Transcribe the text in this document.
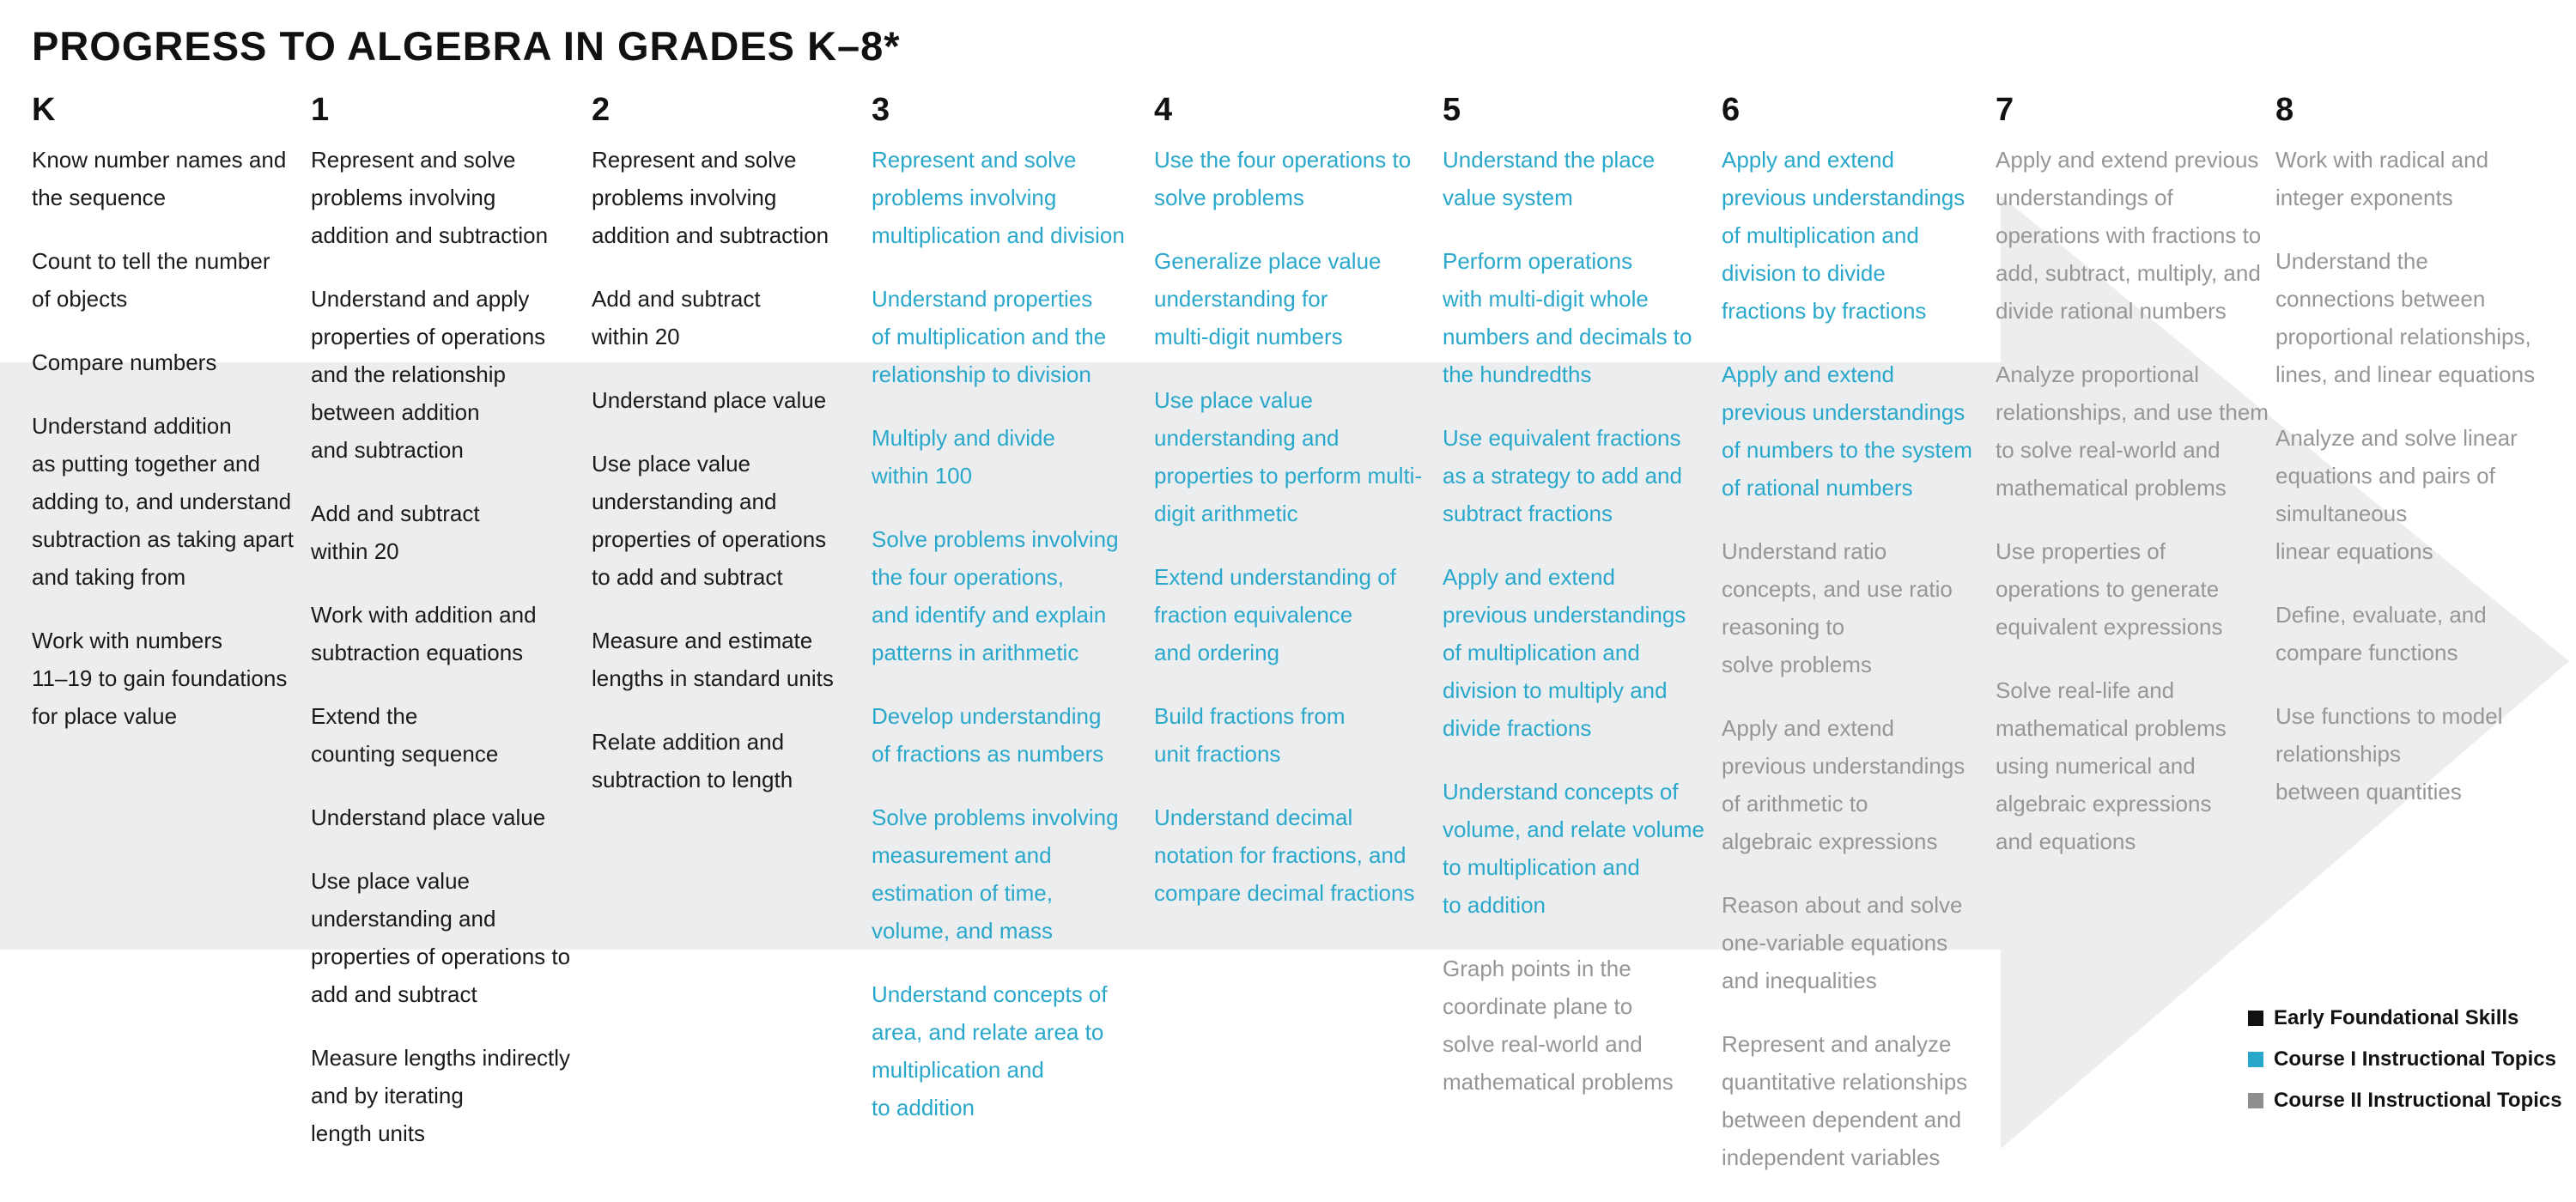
PROGRESS TO ALGEBRA IN GRADES K–8*
K
Know number names and
the sequence
Count to tell the number
of objects
Compare numbers
Understand addition
as putting together and
adding to, and understand
subtraction as taking apart
and taking from
Work with numbers
11–19 to gain foundations
for place value
1
Represent and solve
problems involving
addition and subtraction
Understand and apply
properties of operations
and the relationship
between addition
and subtraction
Add and subtract
within 20
Work with addition and
subtraction equations
Extend the
counting sequence
Understand place value
Use place value
understanding and
properties of operations to
add and subtract
Measure lengths indirectly
and by iterating
length units
2
Represent and solve
problems involving
addition and subtraction
Add and subtract
within 20
Understand place value
Use place value
understanding and
properties of operations
to add and subtract
Measure and estimate
lengths in standard units
Relate addition and
subtraction to length
3
Represent and solve
problems involving
multiplication and division
Understand properties
of multiplication and the
relationship to division
Multiply and divide
within 100
Solve problems involving
the four operations,
and identify and explain
patterns in arithmetic
Develop understanding
of fractions as numbers
Solve problems involving
measurement and
estimation of time,
volume, and mass
Understand concepts of
area, and relate area to
multiplication and
to addition
4
Use the four operations to
solve problems
Generalize place value
understanding for
multi-digit numbers
Use place value
understanding and
properties to perform multi-
digit arithmetic
Extend understanding of
fraction equivalence
and ordering
Build fractions from
unit fractions
Understand decimal
notation for fractions, and
compare decimal fractions
5
Understand the place
value system
Perform operations
with multi-digit whole
numbers and decimals to
the hundredths
Use equivalent fractions
as a strategy to add and
subtract fractions
Apply and extend
previous understandings
of multiplication and
division to multiply and
divide fractions
Understand concepts of
volume, and relate volume
to multiplication and
to addition
Graph points in the
coordinate plane to
solve real-world and
mathematical problems
6
Apply and extend
previous understandings
of multiplication and
division to divide
fractions by fractions
Apply and extend
previous understandings
of numbers to the system
of rational numbers
Understand ratio
concepts, and use ratio
reasoning to
solve problems
Apply and extend
previous understandings
of arithmetic to
algebraic expressions
Reason about and solve
one-variable equations
and inequalities
Represent and analyze
quantitative relationships
between dependent and
independent variables
7
Apply and extend previous
understandings of
operations with fractions to
add, subtract, multiply, and
divide rational numbers
Analyze proportional
relationships, and use them
to solve real-world and
mathematical problems
Use properties of
operations to generate
equivalent expressions
Solve real-life and
mathematical problems
using numerical and
algebraic expressions
and equations
8
Work with radical and
integer exponents
Understand the
connections between
proportional relationships,
lines, and linear equations
Analyze and solve linear
equations and pairs of
simultaneous
linear equations
Define, evaluate, and
compare functions
Use functions to model
relationships
between quantities
Early Foundational Skills
Course I Instructional Topics
Course II Instructional Topics
